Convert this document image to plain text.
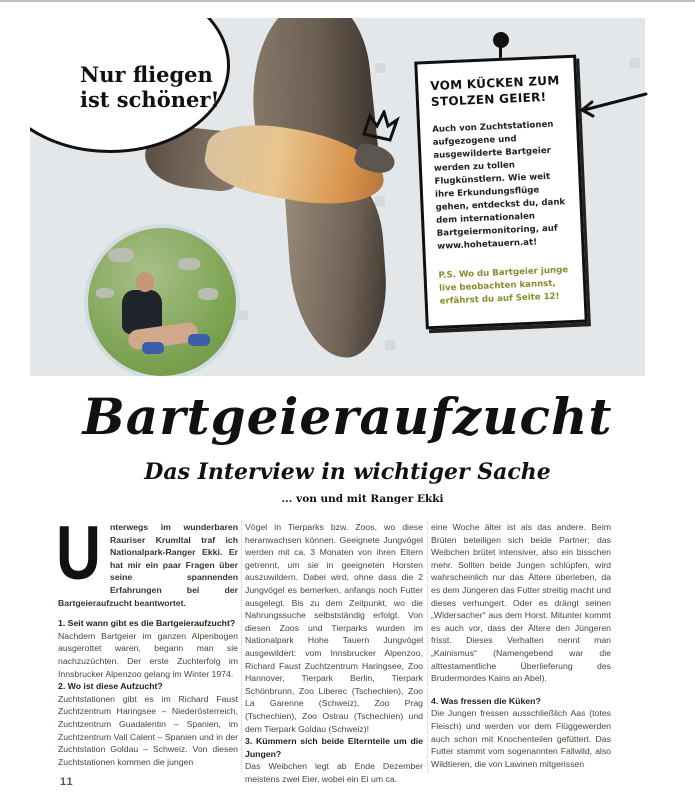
Nur fliegen ist schöner!
VOM KÜCKEN ZUM STOLZEN GEIER!
Auch von Zuchtstationen aufgezogene und ausgewilderte Bartgeier werden zu tollen Flugkünstlern. Wie weit ihre Erkundungsflüge gehen, entdeckst du, dank dem internationalen Bartgeiermonitoring, auf www.hohetauern.at!
P.S. Wo du Bartgeier junge live beobachten kannst, erfährst du auf Seite 12!
Bartgeieraufzucht
Das Interview in wichtiger Sache
... von und mit Ranger Ekki
U	nterwegs im wunderbaren Rauriser Krumltal traf ich Nationalpark-Ranger Ekki. Er hat mir ein paar Fragen über seine spannenden Erfahrungen bei der Bartgeieraufzucht beantwortet.

1. Seit wann gibt es die Bartgeieraufzucht?

Nachdem Bartgeier im ganzen Alpenbogen ausgerottet waren, begann man sie nachzuzüchten. Der erste Zuchterfolg im Innsbrucker Alpenzoo gelang im Winter 1974.

2. Wo ist diese Aufzucht?

Zuchtstationen gibt es im Richard Faust Zuchtzentrum Haringsee – Niederösterreich, Zuchtzentrum Guadalentin – Spanien, im Zuchtzentrum Vall Calent – Spanien und in der Zuchtstation Goldau – Schweiz. Von diesen Zuchtstationen kommen die jungen

Vögel in Tierparks bzw. Zoos, wo diese heranwachsen können. Geeignete Jungvögel werden mit ca. 3 Monaten von ihren Eltern getrennt, um sie in geeigneten Horsten auszuwildern. Dabei wird, ohne dass die 2 Jungvögel es bemerken, anfangs noch Futter ausgelegt. Bis zu dem Zeitpunkt, wo die Nahrungssuche selbstständig erfolgt. Von diesen Zoos und Tierparks wurden im Nationalpark Hohe Tauern Jungvögel ausgewildert: vom Innsbrucker Alpenzoo, Richard Faust Zuchtzentrum Haringsee, Zoo Hannover, Tierpark Berlin, Tierpark Schönbrunn, Zoo Liberec (Tschechien), Zoo La Garenne (Schweiz), Zoo Prag (Tschechien), Zoo Ostrau (Tschechien) und dem Tierpark Goldau (Schweiz)!

3. Kümmern sich beide Elternteile um die Jungen?

Das Weibchen legt ab Ende Dezember meistens zwei Eier, wobei ein Ei um ca.

eine Woche älter ist als das andere. Beim Brüten beteiligen sich beide Partner; das Weibchen brütet intensiver, also ein bisschen mehr. Sollten beide Jungen schlüpfen, wird wahrscheinlich nur das Ältere überleben, da es dem Jüngeren das Futter streitig macht und dieses verhungert. Oder es drängt seinen „Widersacher“ aus dem Horst. Mitunter kommt es auch vor, dass der Ältere den Jüngeren frisst. Dieses Verhalten nennt man „Kainismus“ (Namengebend war die alttestamentliche Überlieferung des Brudermordes Kains an Abel).

4. Was fressen die Küken?

Die Jungen fressen ausschließlich Aas (totes Fleisch) und werden vor dem Flüggewerden auch schon mit Knochenteilen gefüttert. Das Futter stammt vom sogenannten Fallwild, also Wildtieren, die von Lawinen mitgerissen

11
